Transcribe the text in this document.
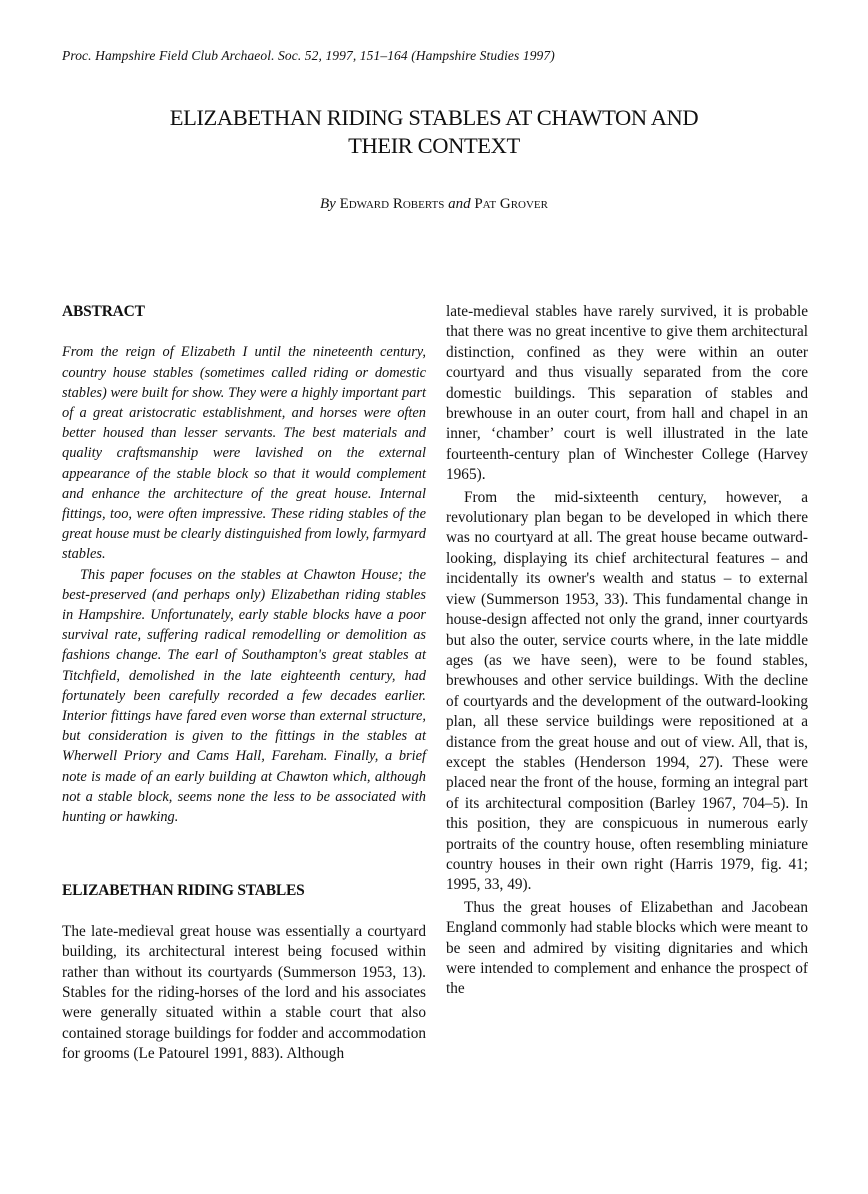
Proc. Hampshire Field Club Archaeol. Soc. 52, 1997, 151–164 (Hampshire Studies 1997)
ELIZABETHAN RIDING STABLES AT CHAWTON AND
THEIR CONTEXT
By Edward Roberts and Pat Grover
ABSTRACT

From the reign of Elizabeth I until the nineteenth century, country house stables (sometimes called riding or domestic stables) were built for show. They were a highly important part of a great aristocratic establishment, and horses were often better housed than lesser servants. The best materials and quality craftsmanship were lavished on the external appearance of the stable block so that it would complement and enhance the architecture of the great house. Internal fittings, too, were often impressive. These riding stables of the great house must be clearly distinguished from lowly, farmyard stables.

This paper focuses on the stables at Chawton House; the best-preserved (and perhaps only) Elizabethan riding stables in Hampshire. Unfortunately, early stable blocks have a poor survival rate, suffering radical remodelling or demolition as fashions change. The earl of Southampton's great stables at Titchfield, demolished in the late eighteenth century, had fortunately been carefully recorded a few decades earlier. Interior fittings have fared even worse than external structure, but consideration is given to the fittings in the stables at Wherwell Priory and Cams Hall, Fareham. Finally, a brief note is made of an early building at Chawton which, although not a stable block, seems none the less to be associated with hunting or hawking.

ELIZABETHAN RIDING STABLES

The late-medieval great house was essentially a courtyard building, its architectural interest being focused within rather than without its courtyards (Summerson 1953, 13). Stables for the riding-horses of the lord and his associates were generally situated within a stable court that also contained storage buildings for fodder and accommodation for grooms (Le Patourel 1991, 883). Although

late-medieval stables have rarely survived, it is probable that there was no great incentive to give them architectural distinction, confined as they were within an outer courtyard and thus visually separated from the core domestic buildings. This separation of stables and brewhouse in an outer court, from hall and chapel in an inner, ‘chamber’ court is well illustrated in the late fourteenth-century plan of Winchester College (Harvey 1965).

From the mid-sixteenth century, however, a revolutionary plan began to be developed in which there was no courtyard at all. The great house became outward-looking, displaying its chief architectural features – and incidentally its owner's wealth and status – to external view (Summerson 1953, 33). This fundamental change in house-design affected not only the grand, inner courtyards but also the outer, service courts where, in the late middle ages (as we have seen), were to be found stables, brewhouses and other service buildings. With the decline of courtyards and the development of the outward-looking plan, all these service buildings were repositioned at a distance from the great house and out of view. All, that is, except the stables (Henderson 1994, 27). These were placed near the front of the house, forming an integral part of its architectural composition (Barley 1967, 704–5). In this position, they are conspicuous in numerous early portraits of the country house, often resembling miniature country houses in their own right (Harris 1979, fig. 41; 1995, 33, 49).

Thus the great houses of Elizabethan and Jacobean England commonly had stable blocks which were meant to be seen and admired by visiting dignitaries and which were intended to complement and enhance the prospect of the
